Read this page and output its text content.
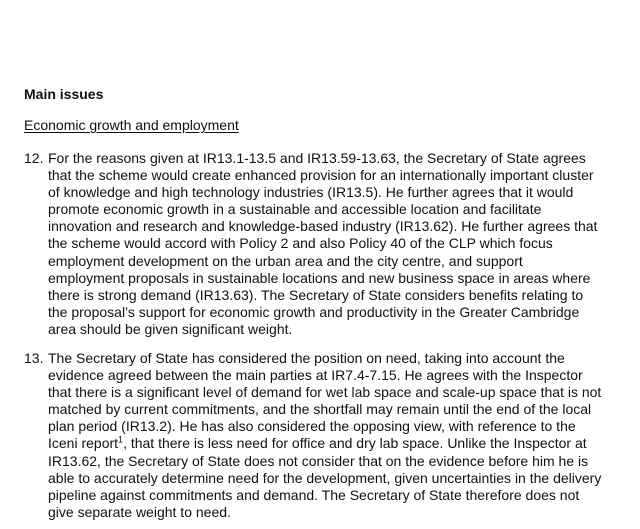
Main issues
Economic growth and employment
12. For the reasons given at IR13.1-13.5 and IR13.59-13.63, the Secretary of State agrees
that the scheme would create enhanced provision for an internationally important cluster
of knowledge and high technology industries (IR13.5). He further agrees that it would
promote economic growth in a sustainable and accessible location and facilitate
innovation and research and knowledge-based industry (IR13.62). He further agrees that
the scheme would accord with Policy 2 and also Policy 40 of the CLP which focus
employment development on the urban area and the city centre, and support
employment proposals in sustainable locations and new business space in areas where
there is strong demand (IR13.63). The Secretary of State considers benefits relating to
the proposal’s support for economic growth and productivity in the Greater Cambridge
area should be given significant weight.
13. The Secretary of State has considered the position on need, taking into account the
evidence agreed between the main parties at IR7.4-7.15. He agrees with the Inspector
that there is a significant level of demand for wet lab space and scale-up space that is not
matched by current commitments, and the shortfall may remain until the end of the local
plan period (IR13.2). He has also considered the opposing view, with reference to the
Iceni report$^1$, that there is less need for office and dry lab space. Unlike the Inspector at
IR13.62, the Secretary of State does not consider that on the evidence before him he is
able to accurately determine need for the development, given uncertainties in the delivery
pipeline against commitments and demand. The Secretary of State therefore does not
give separate weight to need.
